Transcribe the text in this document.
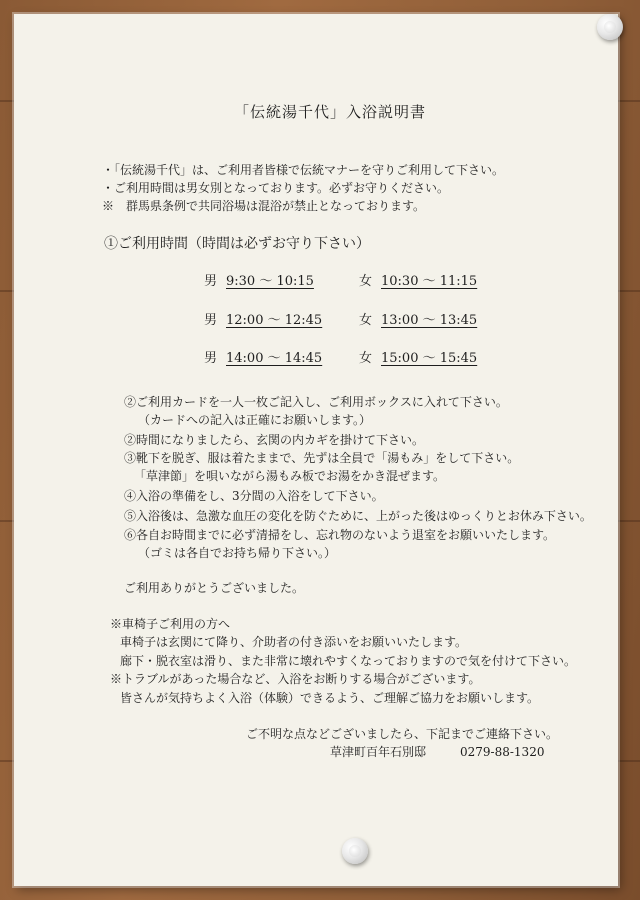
「伝統湯千代」入浴説明書
・「伝統湯千代」は、ご利用者皆様で伝統マナーを守りご利用して下さい。
・ご利用時間は男女別となっております。必ずお守りください。
※　群馬県条例で共同浴場は混浴が禁止となっております。
①ご利用時間（時間は必ずお守り下さい）
男 9:30 ～ 10:15	女 10:30 ～ 11:15
男 12:00 ～ 12:45	女 13:00 ～ 13:45
男 14:00 ～ 14:45	女 15:00 ～ 15:45
②ご利用カードを一人一枚ご記入し、ご利用ボックスに入れて下さい。
（カードへの記入は正確にお願いします。）
②時間になりましたら、玄関の内カギを掛けて下さい。
③靴下を脱ぎ、服は着たままで、先ずは全員で「湯もみ」をして下さい。
「草津節」を唄いながら湯もみ板でお湯をかき混ぜます。
④入浴の準備をし、3分間の入浴をして下さい。
⑤入浴後は、急激な血圧の変化を防ぐために、上がった後はゆっくりとお休み下さい。
⑥各自お時間までに必ず清掃をし、忘れ物のないよう退室をお願いいたします。
（ゴミは各自でお持ち帰り下さい。）
ご利用ありがとうございました。
※車椅子ご利用の方へ
車椅子は玄関にて降り、介助者の付き添いをお願いいたします。
廊下・脱衣室は滑り、また非常に壊れやすくなっておりますので気を付けて下さい。
※トラブルがあった場合など、入浴をお断りする場合がございます。
皆さんが気持ちよく入浴（体験）できるよう、ご理解ご協力をお願いします。
ご不明な点などございましたら、下記までご連絡下さい。
草津町百年石別邸	0279-88-1320
